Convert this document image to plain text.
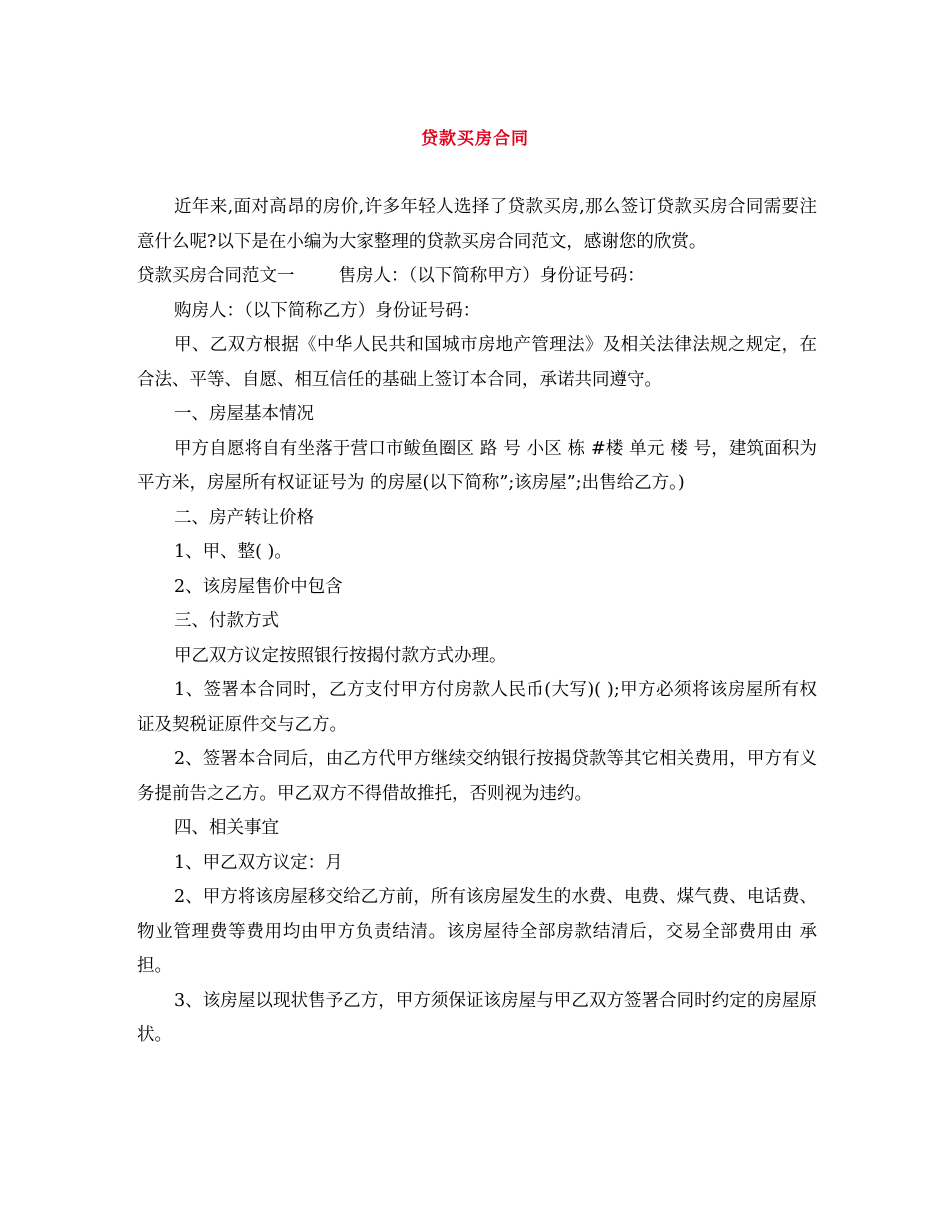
贷款买房合同

近年来,面对高昂的房价,许多年轻人选择了贷款买房,那么签订贷款买房合同需要注意什么呢?以下是在小编为大家整理的贷款买房合同范文，感谢您的欣赏。

贷款买房合同范文一	售房人：（以下简称甲方）身份证号码：

购房人：（以下简称乙方）身份证号码：

甲、乙双方根据《中华人民共和国城市房地产管理法》及相关法律法规之规定，在合法、平等、自愿、相互信任的基础上签订本合同，承诺共同遵守。

一、房屋基本情况

甲方自愿将自有坐落于营口市鲅鱼圈区 路 号 小区 栋 #楼 单元 楼 号，建筑面积为 平方米，房屋所有权证证号为 的房屋(以下简称”;该房屋”;出售给乙方。)

二、房产转让价格

1、甲、整( )。

2、该房屋售价中包含

三、付款方式

甲乙双方议定按照银行按揭付款方式办理。

1、签署本合同时，乙方支付甲方付房款人民币(大写)( );甲方必须将该房屋所有权证及契税证原件交与乙方。

2、签署本合同后，由乙方代甲方继续交纳银行按揭贷款等其它相关费用，甲方有义务提前告之乙方。甲乙双方不得借故推托，否则视为违约。

四、相关事宜

1、甲乙双方议定：月

2、甲方将该房屋移交给乙方前，所有该房屋发生的水费、电费、煤气费、电话费、物业管理费等费用均由甲方负责结清。该房屋待全部房款结清后，交易全部费用由 承担。

3、该房屋以现状售予乙方，甲方须保证该房屋与甲乙双方签署合同时约定的房屋原状。
